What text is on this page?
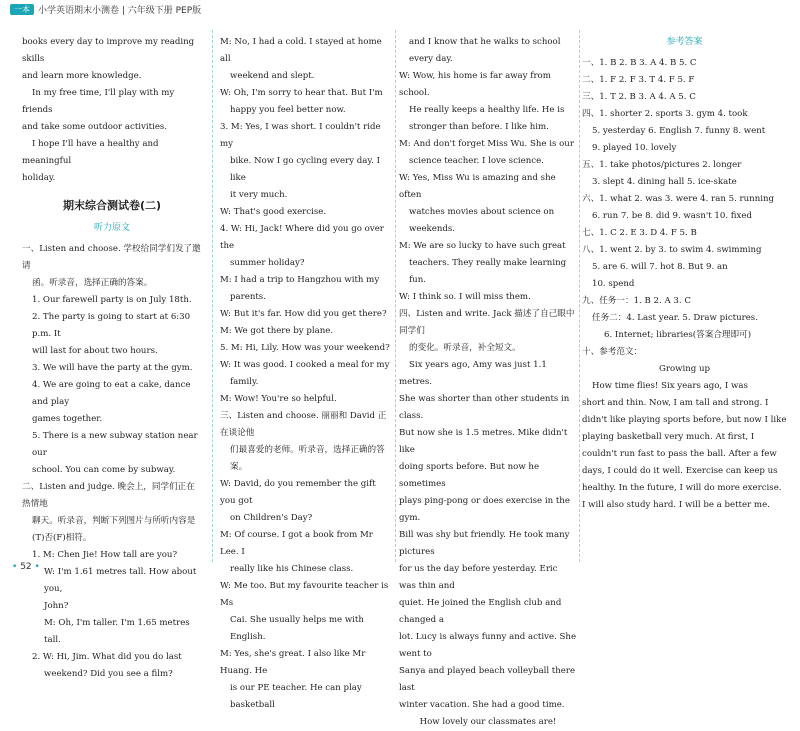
一本 小学英语期末小测卷 | 六年级下册 PEP版

books every day to improve my reading skills

and learn more knowledge.

In my free time, I'll play with my friends

and take some outdoor activities.

I hope I'll have a healthy and meaningful

holiday.

期末综合测试卷(二)

听力原文

一、Listen and choose. 学校给同学们发了邀请

函。听录音，选择正确的答案。

1. Our farewell party is on July 18th.

2. The party is going to start at 6:30 p.m. It

will last for about two hours.

3. We will have the party at the gym.

4. We are going to eat a cake, dance and play

games together.

5. There is a new subway station near our

school. You can come by subway.

二、Listen and judge. 晚会上，同学们正在热情地

聊天。听录音，判断下列图片与所听内容是

(T)否(F)相符。

1. M: Chen Jie! How tall are you?

W: I'm 1.61 metres tall. How about you,

John?

M: Oh, I'm taller. I'm 1.65 metres tall.

2. W: Hi, Jim. What did you do last

weekend? Did you see a film?

M: No, I had a cold. I stayed at home all

weekend and slept.

W: Oh, I'm sorry to hear that. But I'm

happy you feel better now.

3. M: Yes, I was short. I couldn't ride my

bike. Now I go cycling every day. I like

it very much.

W: That's good exercise.

4. W: Hi, Jack! Where did you go over the

summer holiday?

M: I had a trip to Hangzhou with my

parents.

W: But it's far. How did you get there?

M: We got there by plane.

5. M: Hi, Lily. How was your weekend?

W: It was good. I cooked a meal for my

family.

M: Wow! You're so helpful.

三、Listen and choose. 丽丽和 David 正在谈论他

们最喜爱的老师。听录音，选择正确的答案。

W: David, do you remember the gift you got

on Children's Day?

M: Of course. I got a book from Mr Lee. I

really like his Chinese class.

W: Me too. But my favourite teacher is Ms

Cai. She usually helps me with English.

M: Yes, she's great. I also like Mr Huang. He

is our PE teacher. He can play basketball

and I know that he walks to school

every day.

W: Wow, his home is far away from school.

He really keeps a healthy life. He is

stronger than before. I like him.

M: And don't forget Miss Wu. She is our

science teacher. I love science.

W: Yes, Miss Wu is amazing and she often

watches movies about science on weekends.

M: We are so lucky to have such great

teachers. They really make learning fun.

W: I think so. I will miss them.

四、Listen and write. Jack 描述了自己眼中同学们

的变化。听录音，补全短文。

Six years ago, Amy was just 1.1 metres.

She was shorter than other students in class.

But now she is 1.5 metres. Mike didn't like

doing sports before. But now he sometimes

plays ping-pong or does exercise in the gym.

Bill was shy but friendly. He took many pictures

for us the day before yesterday. Eric was thin and

quiet. He joined the English club and changed a

lot. Lucy is always funny and active. She went to

Sanya and played beach volleyball there last

winter vacation. She had a good time.

How lovely our classmates are!

参考答案

一、1. B 2. B 3. A 4. B 5. C

二、1. F 2. F 3. T 4. F 5. F

三、1. T 2. B 3. A 4. A 5. C

四、1. shorter 2. sports 3. gym 4. took

5. yesterday 6. English 7. funny 8. went

9. played 10. lovely

五、1. take photos/pictures 2. longer

3. slept 4. dining hall 5. ice-skate

六、1. what 2. was 3. were 4. ran 5. running

6. run 7. be 8. did 9. wasn't 10. fixed

七、1. C 2. E 3. D 4. F 5. B

八、1. went 2. by 3. to swim 4. swimming

5. are 6. will 7. hot 8. But 9. an

10. spend

九、任务一：1. B 2. A 3. C

任务二：4. Last year. 5. Draw pictures.

6. Internet; libraries(答案合理即可)

十、参考范文：

Growing up

How time flies! Six years ago, I was

short and thin. Now, I am tall and strong. I

didn't like playing sports before, but now I like

playing basketball very much. At first, I

couldn't run fast to pass the ball. After a few

days, I could do it well. Exercise can keep us

healthy. In the future, I will do more exercise.

I will also study hard. I will be a better me.

• 52 •
